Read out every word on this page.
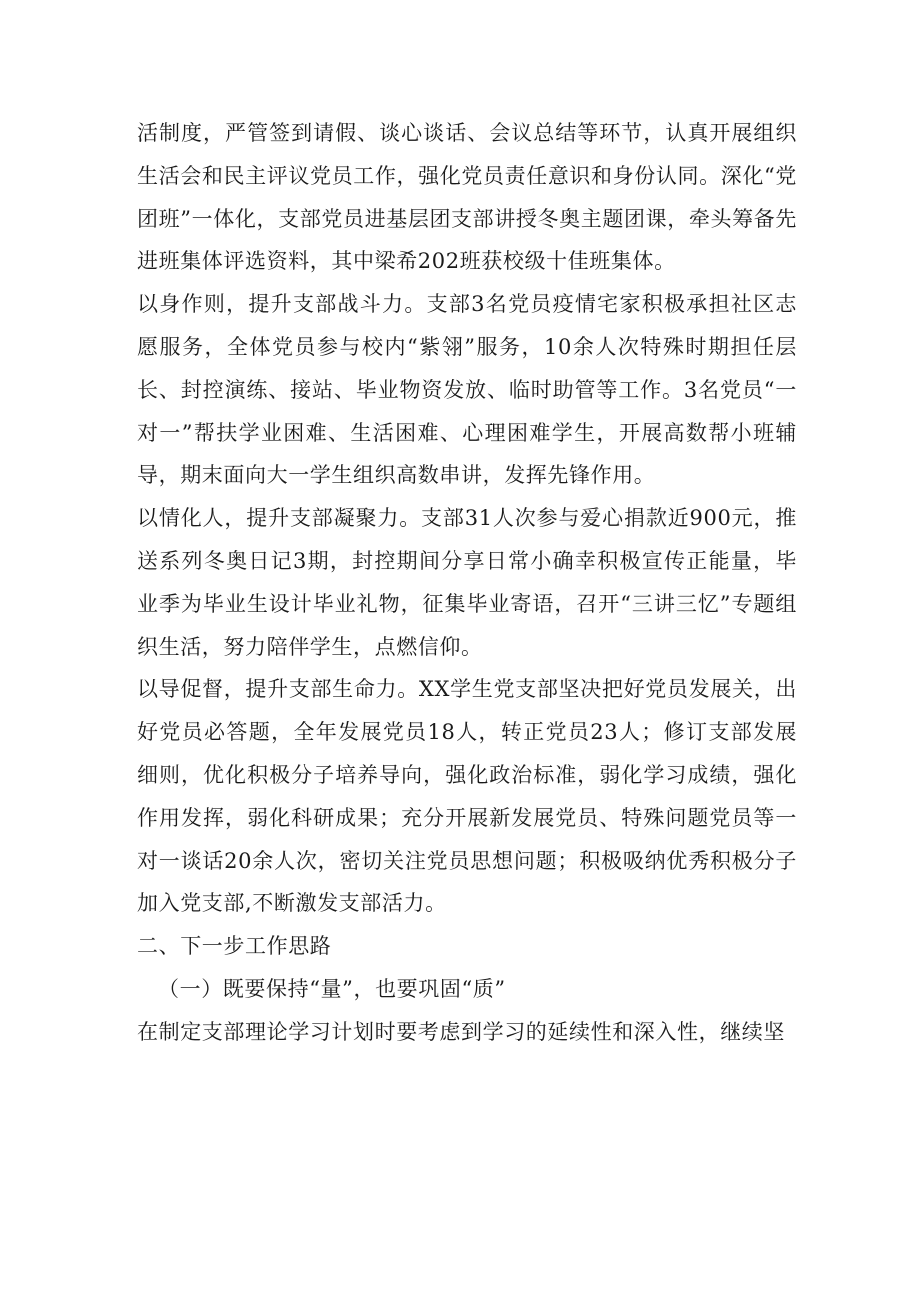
活制度，严管签到请假、谈心谈话、会议总结等环节，认真开展组织生活会和民主评议党员工作，强化党员责任意识和身份认同。深化“党团班”一体化，支部党员进基层团支部讲授冬奥主题团课，牵头筹备先进班集体评选资料，其中梁希202班获校级十佳班集体。

以身作则，提升支部战斗力。支部3名党员疫情宅家积极承担社区志愿服务，全体党员参与校内“紫翎”服务，10余人次特殊时期担任层长、封控演练、接站、毕业物资发放、临时助管等工作。3名党员“一对一”帮扶学业困难、生活困难、心理困难学生，开展高数帮小班辅导，期末面向大一学生组织高数串讲，发挥先锋作用。

以情化人，提升支部凝聚力。支部31人次参与爱心捐款近900元，推送系列冬奥日记3期，封控期间分享日常小确幸积极宣传正能量，毕业季为毕业生设计毕业礼物，征集毕业寄语，召开“三讲三忆”专题组织生活，努力陪伴学生，点燃信仰。

以导促督，提升支部生命力。XX学生党支部坚决把好党员发展关，出好党员必答题，全年发展党员18人，转正党员23人；修订支部发展细则，优化积极分子培养导向，强化政治标准，弱化学习成绩，强化作用发挥，弱化科研成果；充分开展新发展党员、特殊问题党员等一对一谈话20余人次，密切关注党员思想问题；积极吸纳优秀积极分子加入党支部,不断激发支部活力。

二、下一步工作思路

（一）既要保持“量”，也要巩固“质”

在制定支部理论学习计划时要考虑到学习的延续性和深入性，继续坚
